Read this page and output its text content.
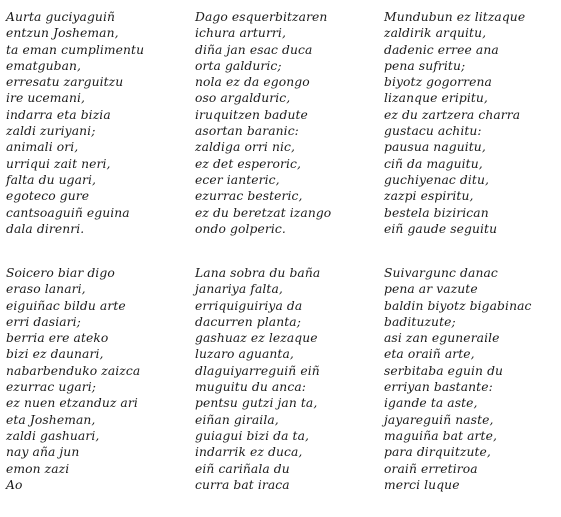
Aurta guciyaguiñ
entzun Josheman,
ta eman cumplimentu
ematguban,
erresatu zarguitzu
ire ucemani,
indarra eta bizia
zaldi zuriyani;
animali ori,
urriqui zait neri,
falta du ugari,
egoteco gure
cantsoaguiñ eguina
dala direnri.
Dago esquerbitzaren
ichura arturri,
diña jan esac duca
orta galduric;
nola ez da egongo
oso argalduric,
iruquitzen badute
asortan baranic:
zaldiga orri nic,
ez det esperoric,
ecer ianteric,
ezurrac besteric,
ez du beretzat izango
ondo golperic.
Mundubun ez litzaque
zaldirik arquitu,
dadenic erree ana
pena sufritu;
biyotz gogorrena
lizanque eripitu,
ez du zartzera charra
gustacu achitu:
pausua naguitu,
ciñ da maguitu,
guchiyenac ditu,
zazpi espiritu,
bestela bizirican
eiñ gaude seguitu
Soicero biar digo
eraso lanari,
eiguiñac bildu arte
erri dasiari;
berria ere ateko
bizi ez daunari,
nabarbenduko zaizca
ezurrac ugari;
ez nuen etzanduz ari
eta Josheman,
zaldi gashuari,
nay aña jun
emon zazi
Ao
Lana sobra du baña
janariya falta,
erriquiguiriya da
dacurren planta;
gashuaz ez lezaque
luzaro aguanta,
dlaguiyarreguiñ eiñ
muguitu du anca:
pentsu gutzi jan ta,
eiñan giraila,
guiagui bizi da ta,
indarrik ez duca,
eiñ cariñala du
curra bat iraca
Suivargunc danac
pena ar vazute
baldin biyotz bigabinac
badituzute;
asi zan eguneraile
eta oraiñ arte,
serbitaba eguin du
erriyan bastante:
igande ta aste,
jayareguiñ naste,
maguiña bat arte,
para dirquitzute,
oraiñ erretiroa
merci luque
